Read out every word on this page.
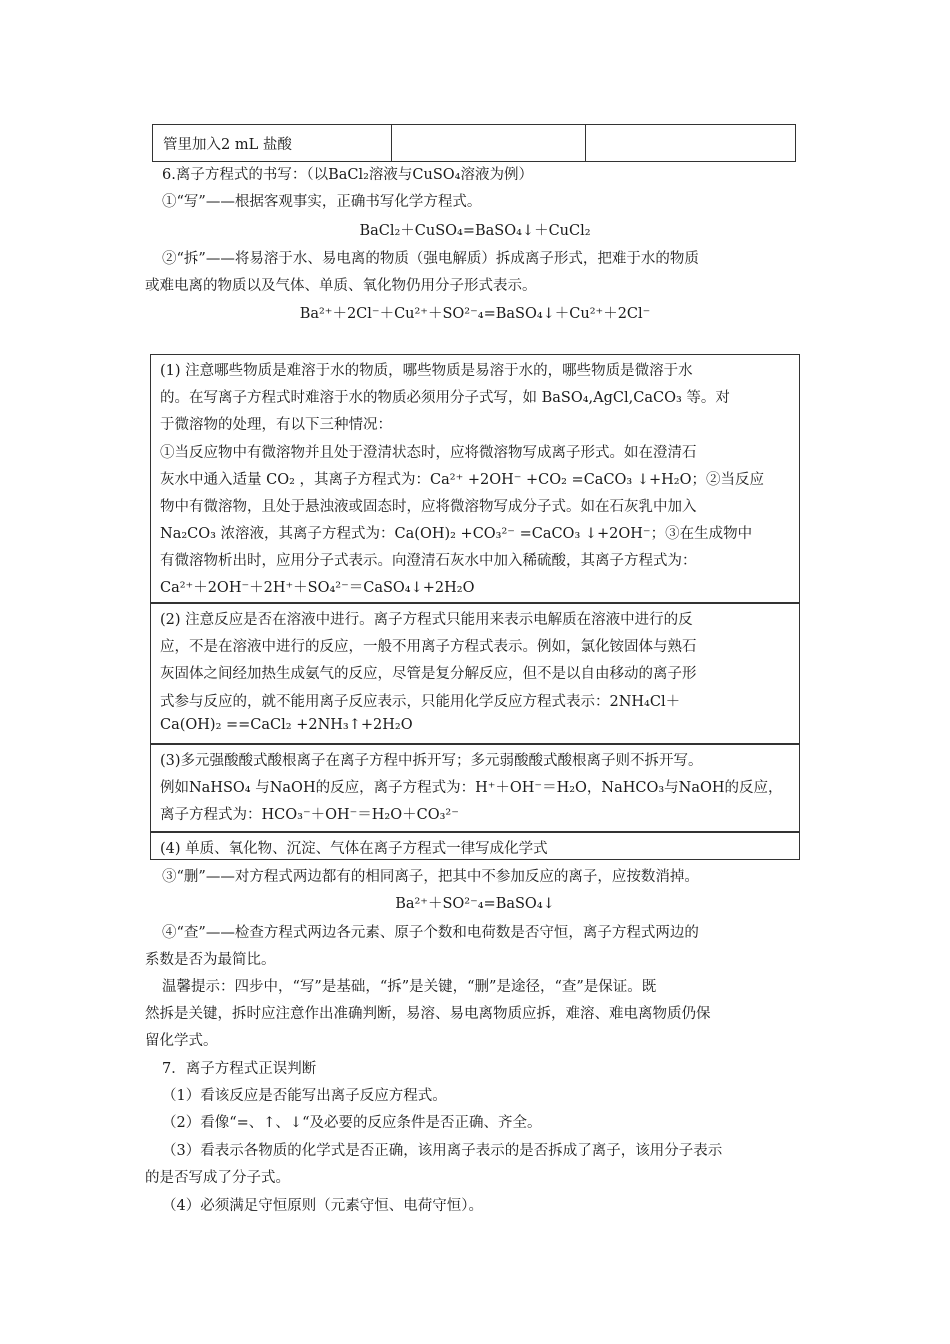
管里加入2 mL 盐酸
6.离子方程式的书写：（以BaCl₂溶液与CuSO₄溶液为例）
①“写”——根据客观事实，正确书写化学方程式。
BaCl₂＋CuSO₄=BaSO₄↓＋CuCl₂
②“拆”——将易溶于水、易电离的物质（强电解质）拆成离子形式，把难于水的物质
或难电离的物质以及气体、单质、氧化物仍用分子形式表示。
Ba²⁺＋2Cl⁻＋Cu²⁺＋SO²⁻₄=BaSO₄↓＋Cu²⁺＋2Cl⁻
(1) 注意哪些物质是难溶于水的物质，哪些物质是易溶于水的，哪些物质是微溶于水
的。在写离子方程式时难溶于水的物质必须用分子式写，如 BaSO₄,AgCl,CaCO₃ 等。对
于微溶物的处理，有以下三种情况：
①当反应物中有微溶物并且处于澄清状态时，应将微溶物写成离子形式。如在澄清石
灰水中通入适量 CO₂ ，其离子方程式为：Ca²⁺ +2OH⁻ +CO₂ =CaCO₃ ↓+H₂O；②当反应
物中有微溶物，且处于悬浊液或固态时，应将微溶物写成分子式。如在石灰乳中加入
Na₂CO₃ 浓溶液，其离子方程式为：Ca(OH)₂ +CO₃²⁻ =CaCO₃ ↓+2OH⁻；③在生成物中
有微溶物析出时，应用分子式表示。向澄清石灰水中加入稀硫酸，其离子方程式为：
Ca²⁺＋2OH⁻＋2H⁺＋SO₄²⁻＝CaSO₄↓+2H₂O
(2) 注意反应是否在溶液中进行。离子方程式只能用来表示电解质在溶液中进行的反
应，不是在溶液中进行的反应，一般不用离子方程式表示。例如，氯化铵固体与熟石
灰固体之间经加热生成氨气的反应，尽管是复分解反应，但不是以自由移动的离子形
式参与反应的，就不能用离子反应表示，只能用化学反应方程式表示：2NH₄Cl＋
Ca(OH)₂ ==CaCl₂ +2NH₃↑+2H₂O
(3)多元强酸酸式酸根离子在离子方程中拆开写；多元弱酸酸式酸根离子则不拆开写。
例如NaHSO₄ 与NaOH的反应，离子方程式为：H⁺＋OH⁻＝H₂O，NaHCO₃与NaOH的反应，
离子方程式为：HCO₃⁻＋OH⁻＝H₂O＋CO₃²⁻
(4) 单质、氧化物、沉淀、气体在离子方程式一律写成化学式
③“删”——对方程式两边都有的相同离子，把其中不参加反应的离子，应按数消掉。
Ba²⁺＋SO²⁻₄=BaSO₄↓
④“查”——检查方程式两边各元素、原子个数和电荷数是否守恒，离子方程式两边的
系数是否为最简比。
温馨提示：四步中，“写”是基础，“拆”是关键，“删”是途径，“查”是保证。既
然拆是关键，拆时应注意作出准确判断，易溶、易电离物质应拆，难溶、难电离物质仍保
留化学式。
7．离子方程式正误判断
（1）看该反应是否能写出离子反应方程式。
（2）看像“=、↑、↓“及必要的反应条件是否正确、齐全。
（3）看表示各物质的化学式是否正确，该用离子表示的是否拆成了离子，该用分子表示
的是否写成了分子式。
（4）必须满足守恒原则（元素守恒、电荷守恒）。
